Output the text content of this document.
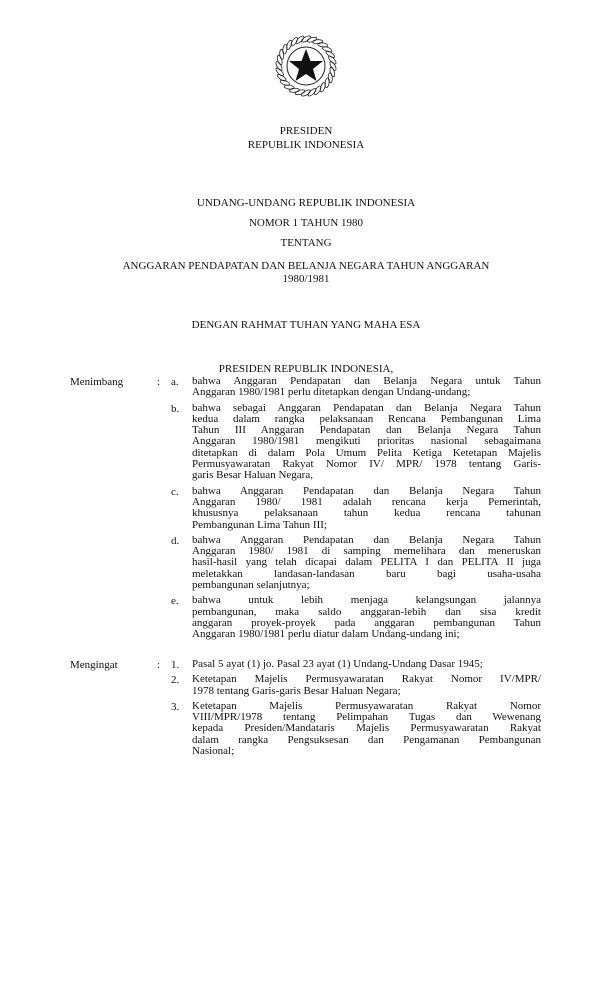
PRESIDEN
REPUBLIK INDONESIA
UNDANG-UNDANG REPUBLIK INDONESIA
NOMOR 1 TAHUN 1980
TENTANG
ANGGARAN PENDAPATAN DAN BELANJA NEGARA TAHUN ANGGARAN
1980/1981
DENGAN RAHMAT TUHAN YANG MAHA ESA
PRESIDEN REPUBLIK INDONESIA,
Menimbang	: a. bahwa Anggaran Pendapatan dan Belanja Negara untuk Tahun
Anggaran 1980/1981 perlu ditetapkan dengan Undang-undang;
b. bahwa sebagai Anggaran Pendapatan dan Belanja Negara Tahun
kedua dalam rangka pelaksanaan Rencana Pembangunan Lima
Tahun III Anggaran Pendapatan dan Belanja Negara Tahun
Anggaran 1980/1981 mengikuti prioritas nasional sebagaimana
ditetapkan di dalam Pola Umum Pelita Ketiga Ketetapan Majelis
Permusyawaratan Rakyat Nomor IV/ MPR/ 1978 tentang Garis-
garis Besar Haluan Negara,
c. bahwa Anggaran Pendapatan dan Belanja Negara Tahun
Anggaran 1980/ 1981 adalah rencana kerja Pemerintah,
khususnya pelaksanaan tahun kedua rencana tahunan
Pembangunan Lima Tahun III;
d. bahwa Anggaran Pendapatan dan Belanja Negara Tahun
Anggaran 1980/ 1981 di samping memelihara dan meneruskan
hasil-hasil yang telah dicapai dalam PELITA I dan PELITA II juga
meletakkan landasan-landasan baru bagi usaha-usaha
pembangunan selanjutnya;
e. bahwa untuk lebih menjaga kelangsungan jalannya
pembangunan, maka saldo anggaran-lebih dan sisa kredit
anggaran proyek-proyek pada anggaran pembangunan Tahun
Anggaran 1980/1981 perlu diatur dalam Undang-undang ini;
Mengingat	: 1. Pasal 5 ayat (1) jo. Pasal 23 ayat (1) Undang-Undang Dasar 1945;
2. Ketetapan Majelis Permusyawaratan Rakyat Nomor IV/MPR/
1978 tentang Garis-garis Besar Haluan Negara;
3. Ketetapan Majelis Permusyawaratan Rakyat Nomor
VIII/MPR/1978 tentang Pelimpahan Tugas dan Wewenang
kepada Presiden/Mandataris Majelis Permusyawaratan Rakyat
dalam rangka Pengsuksesan dan Pengamanan Pembangunan
Nasional;
